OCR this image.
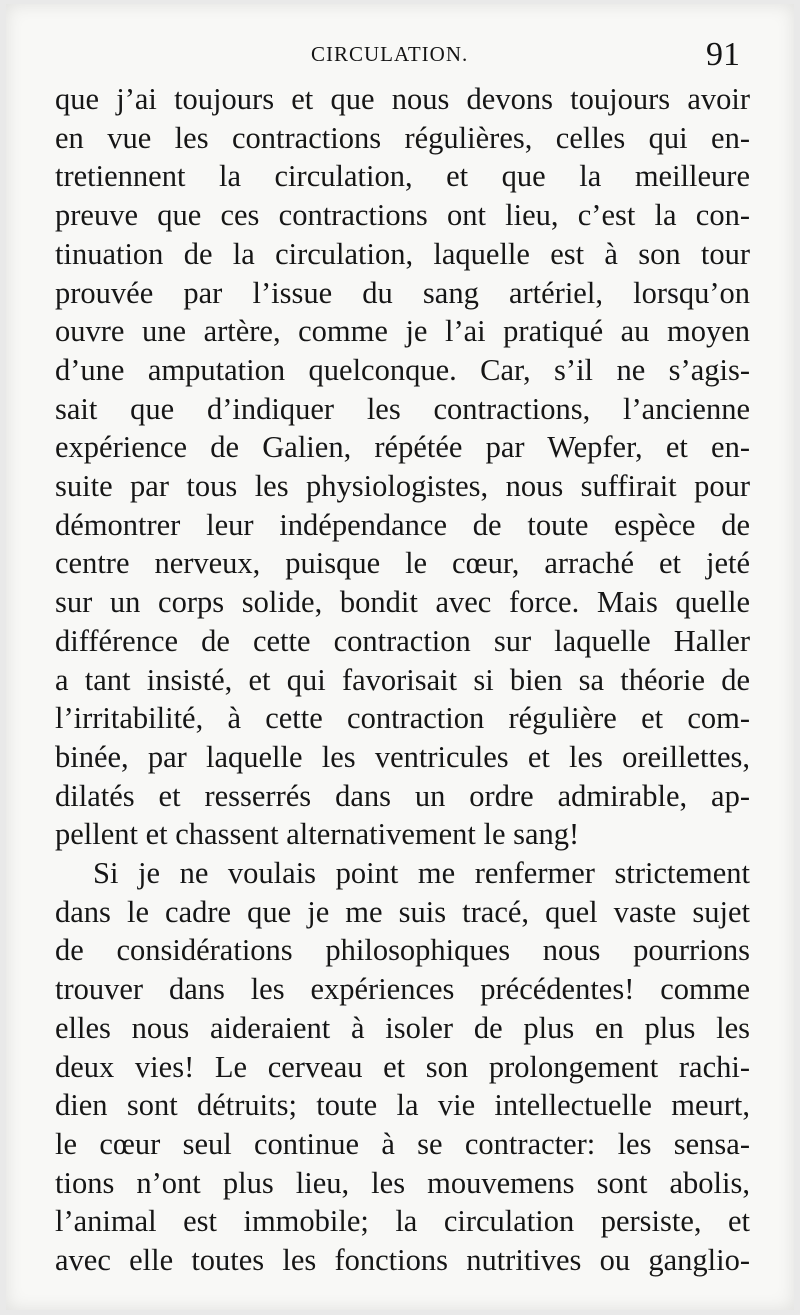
CIRCULATION.	91
que j’ai toujours et que nous devons toujours avoir
en vue les contractions régulières, celles qui en-
tretiennent la circulation, et que la meilleure
preuve que ces contractions ont lieu, c’est la con-
tinuation de la circulation, laquelle est à son tour
prouvée par l’issue du sang artériel, lorsqu’on
ouvre une artère, comme je l’ai pratiqué au moyen
d’une amputation quelconque. Car, s’il ne s’agis-
sait que d’indiquer les contractions, l’ancienne
expérience de Galien, répétée par Wepfer, et en-
suite par tous les physiologistes, nous suffirait pour
démontrer leur indépendance de toute espèce de
centre nerveux, puisque le cœur, arraché et jeté
sur un corps solide, bondit avec force. Mais quelle
différence de cette contraction sur laquelle Haller
a tant insisté, et qui favorisait si bien sa théorie de
l’irritabilité, à cette contraction régulière et com-
binée, par laquelle les ventricules et les oreillettes,
dilatés et resserrés dans un ordre admirable, ap-
pellent et chassent alternativement le sang!
Si je ne voulais point me renfermer strictement
dans le cadre que je me suis tracé, quel vaste sujet
de considérations philosophiques nous pourrions
trouver dans les expériences précédentes! comme
elles nous aideraient à isoler de plus en plus les
deux vies! Le cerveau et son prolongement rachi-
dien sont détruits; toute la vie intellectuelle meurt,
le cœur seul continue à se contracter: les sensa-
tions n’ont plus lieu, les mouvemens sont abolis,
l’animal est immobile; la circulation persiste, et
avec elle toutes les fonctions nutritives ou ganglio-
